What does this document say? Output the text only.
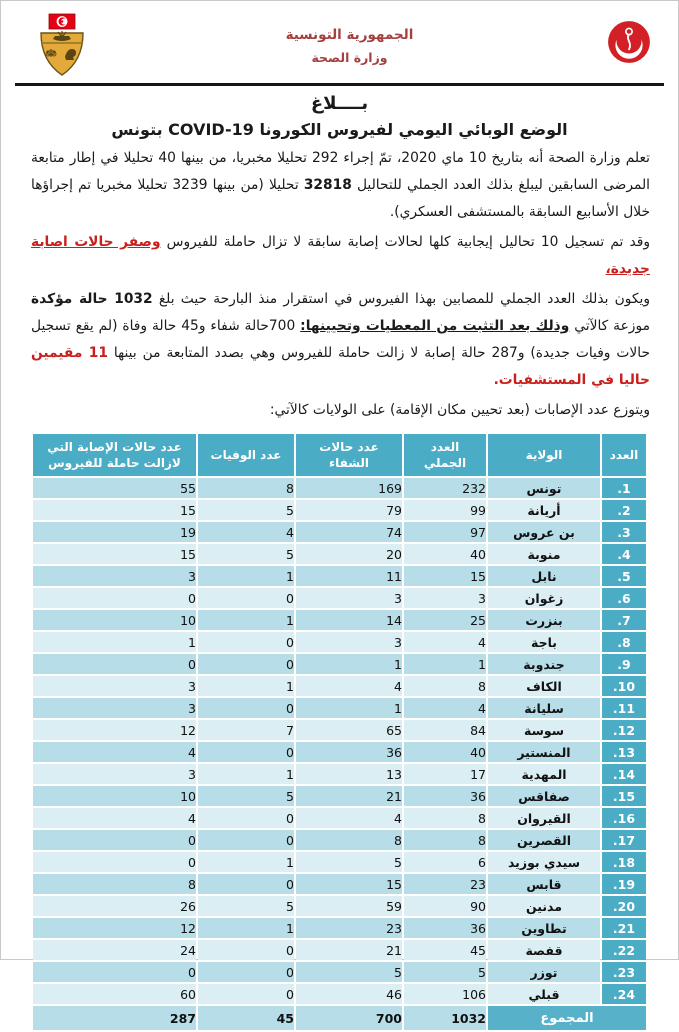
الجمهورية التونسية
وزارة الصحة
بــــلاغ
الوضع الوبائي اليومي لفيروس الكورونا COVID-19 بتونس

تعلم وزارة الصحة أنه بتاريخ 10 ماي 2020، تمّ إجراء 292 تحليلا مخبريا، من بينها 40 تحليلا في إطار متابعة المرضى السابقين ليبلغ بذلك العدد الجملي للتحاليل 32818 تحليلا (من بينها 3239 تحليلا مخبريا تم إجراؤها خلال الأسابيع السابقة بالمستشفى العسكري).

وقد تم تسجيل 10 تحاليل إيجابية كلها لحالات إصابة سابقة لا تزال حاملة للفيروس وصفر حالات اصابة جديدة،

ويكون بذلك العدد الجملي للمصابين بهذا الفيروس في استقرار منذ البارحة حيث بلغ 1032 حالة مؤكدة موزعة كالآتي وذلك بعد التثبت من المعطيات وتحيينها: 700حالة شفاء و45 حالة وفاة (لم يقع تسجيل حالات وفيات جديدة) و287 حالة إصابة لا زالت حاملة للفيروس وهي بصدد المتابعة من بينها 11 مقيمين حاليا في المستشفيات.

ويتوزع عدد الإصابات (بعد تحيين مكان الإقامة) على الولايات كالآتي:

العدد	الولاية	العدد الجملي	عدد حالات الشفاء	عدد الوفيات	عدد حالات الإصابة التي لازالت حاملة للفيروس
1.	تونس	232	169	8	55
2.	أريانة	99	79	5	15
3.	بن عروس	97	74	4	19
4.	منوبة	40	20	5	15
5.	نابل	15	11	1	3
6.	زغوان	3	3	0	0
7.	بنزرت	25	14	1	10
8.	باجة	4	3	0	1
9.	جندوبة	1	1	0	0
10.	الكاف	8	4	1	3
11.	سليانة	4	1	0	3
12.	سوسة	84	65	7	12
13.	المنستير	40	36	0	4
14.	المهدية	17	13	1	3
15.	صفاقس	36	21	5	10
16.	القيروان	8	4	0	4
17.	القصرين	8	8	0	0
18.	سيدي بوزيد	6	5	1	0
19.	قابس	23	15	0	8
20.	مدنين	90	59	5	26
21.	تطاوين	36	23	1	12
22.	قفصة	45	21	0	24
23.	توزر	5	5	0	0
24.	قبلي	106	46	0	60
المجموع		1032	700	45	287
